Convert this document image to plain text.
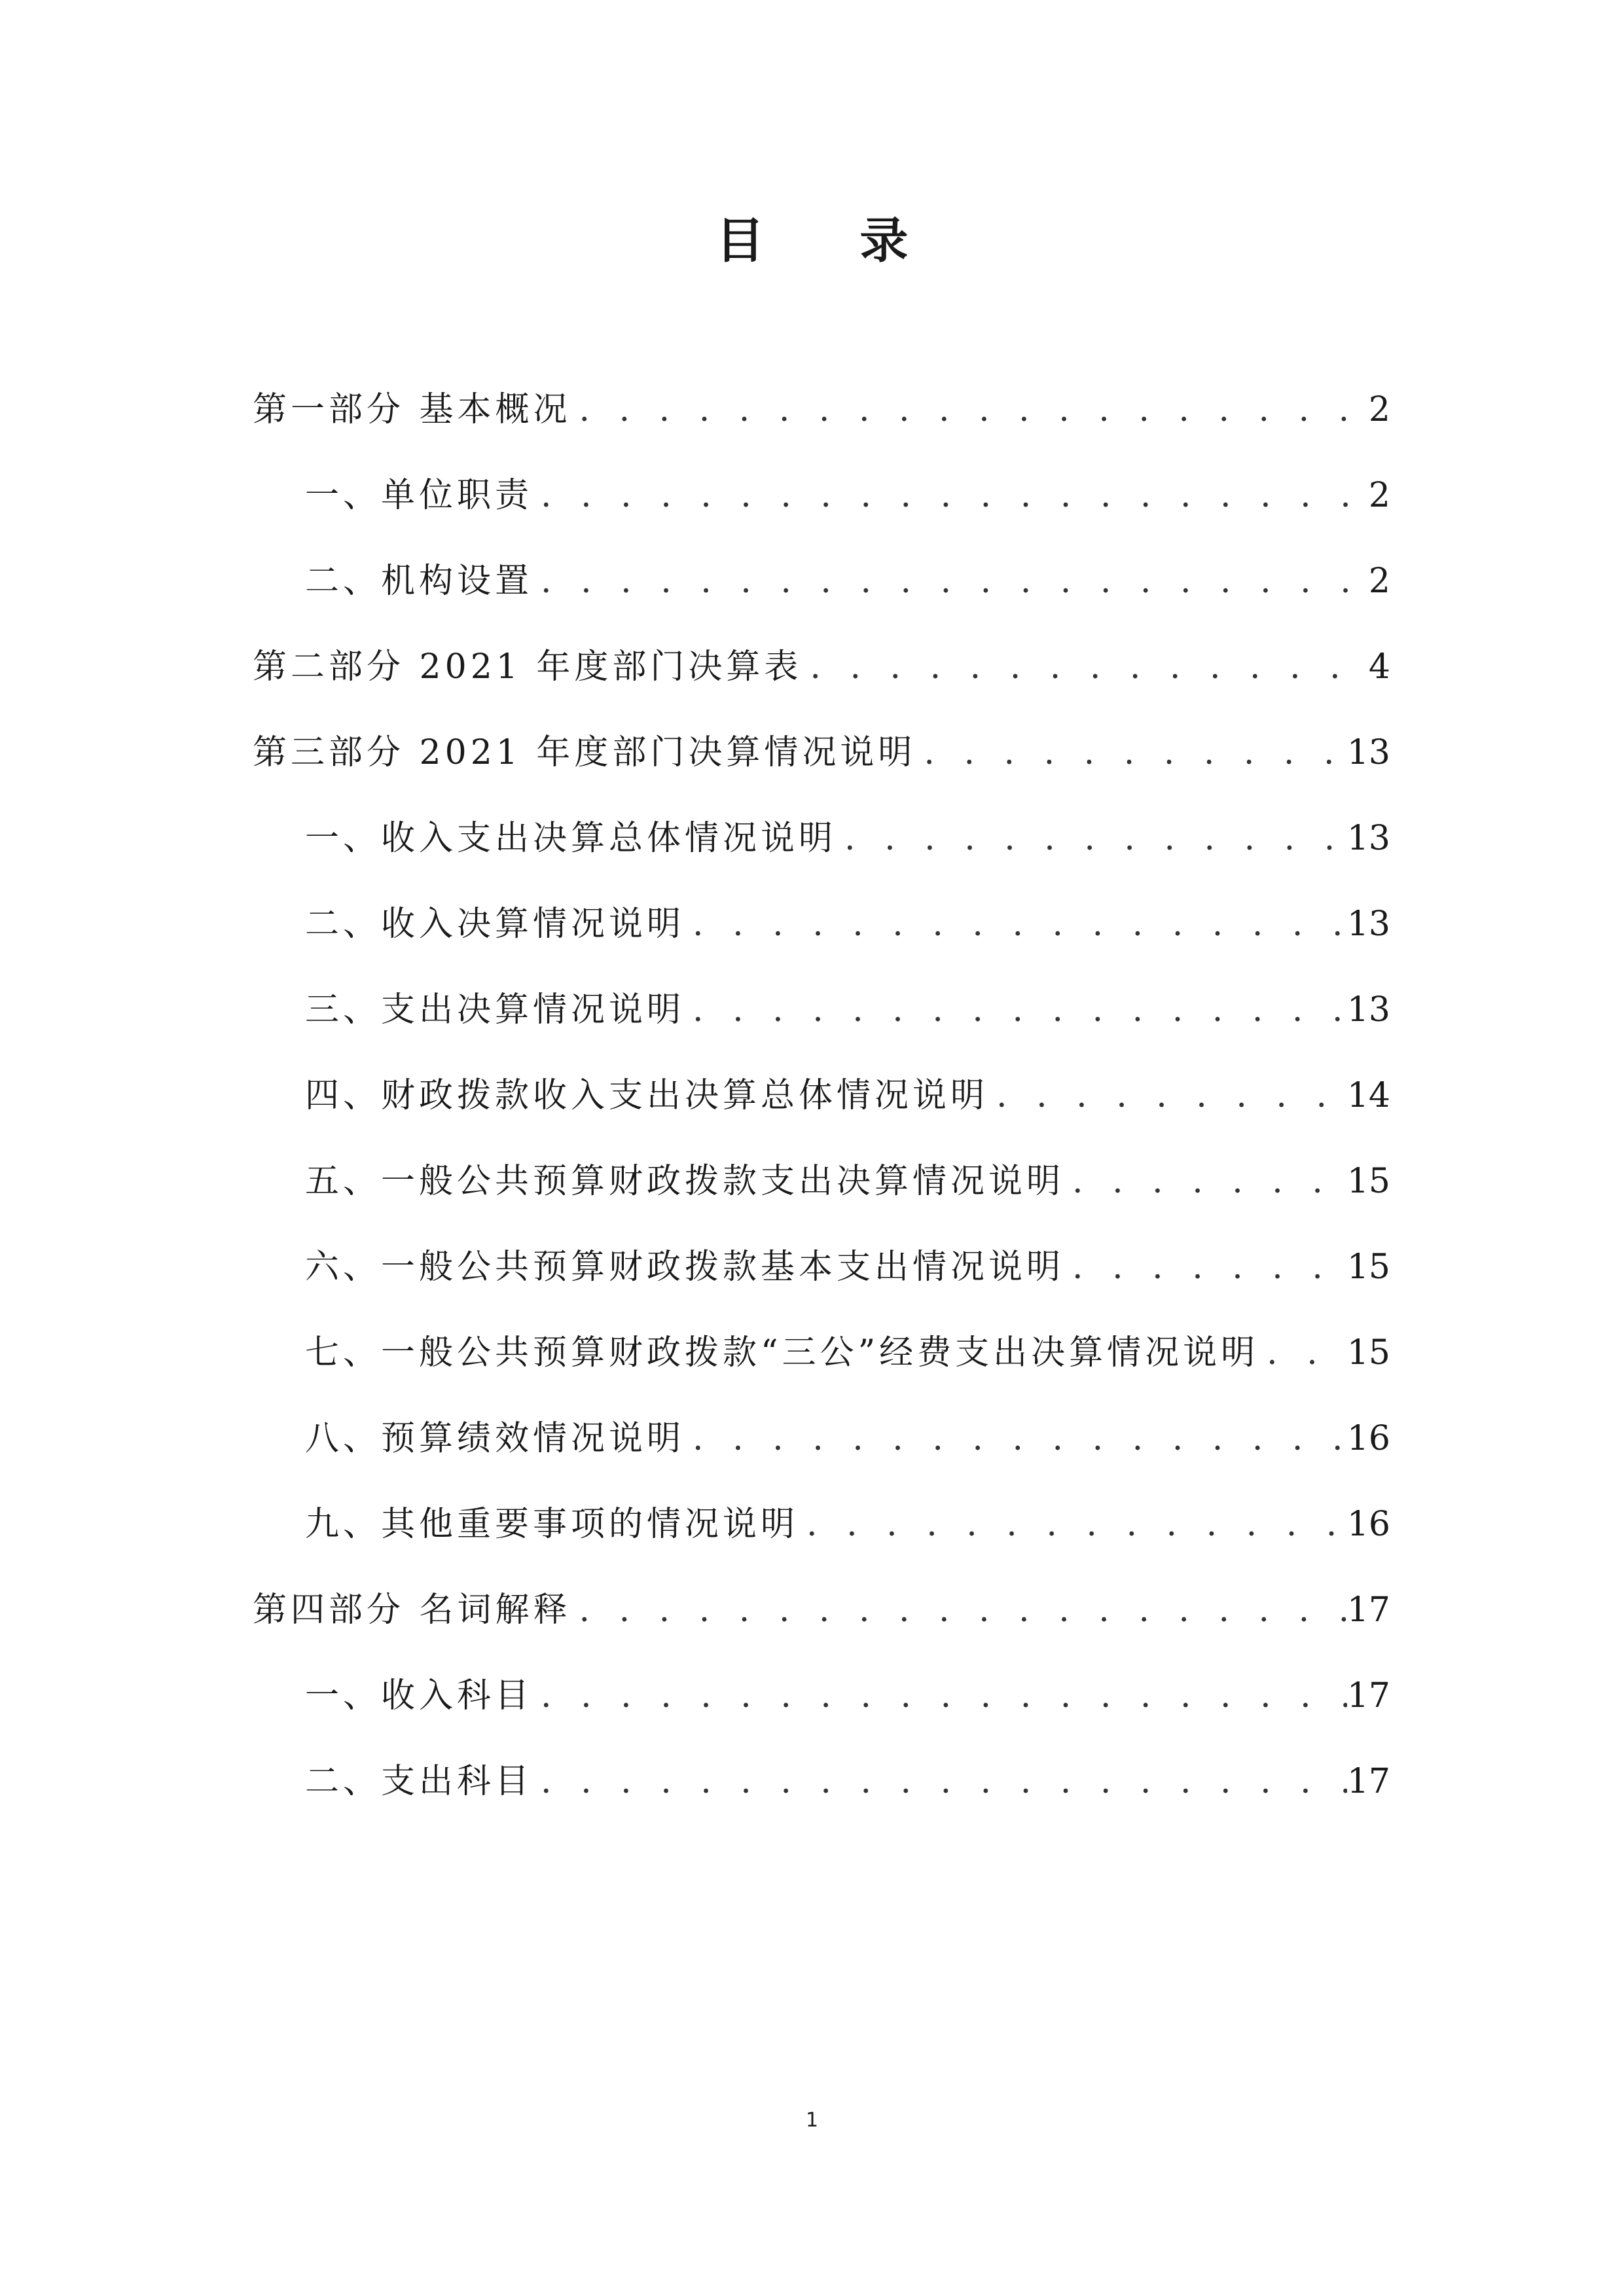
目 录
第一部分 基本概况 . . .	2
一、单位职责 . . .	2
二、机构设置 . . .	2
第二部分 2021 年度部门决算表 . . .	4
第三部分 2021 年度部门决算情况说明 . . .	13
一、收入支出决算总体情况说明 . . .	13
二、收入决算情况说明 . . .	13
三、支出决算情况说明 . . .	13
四、财政拨款收入支出决算总体情况说明 . . .	14
五、一般公共预算财政拨款支出决算情况说明 . . .	15
六、一般公共预算财政拨款基本支出情况说明 . . .	15
七、一般公共预算财政拨款“三公”经费支出决算情况说明 . . .	15
八、预算绩效情况说明 . . .	16
九、其他重要事项的情况说明 . . .	16
第四部分 名词解释 . . .	17
一、收入科目 . . .	17
二、支出科目 . . .	17
1
